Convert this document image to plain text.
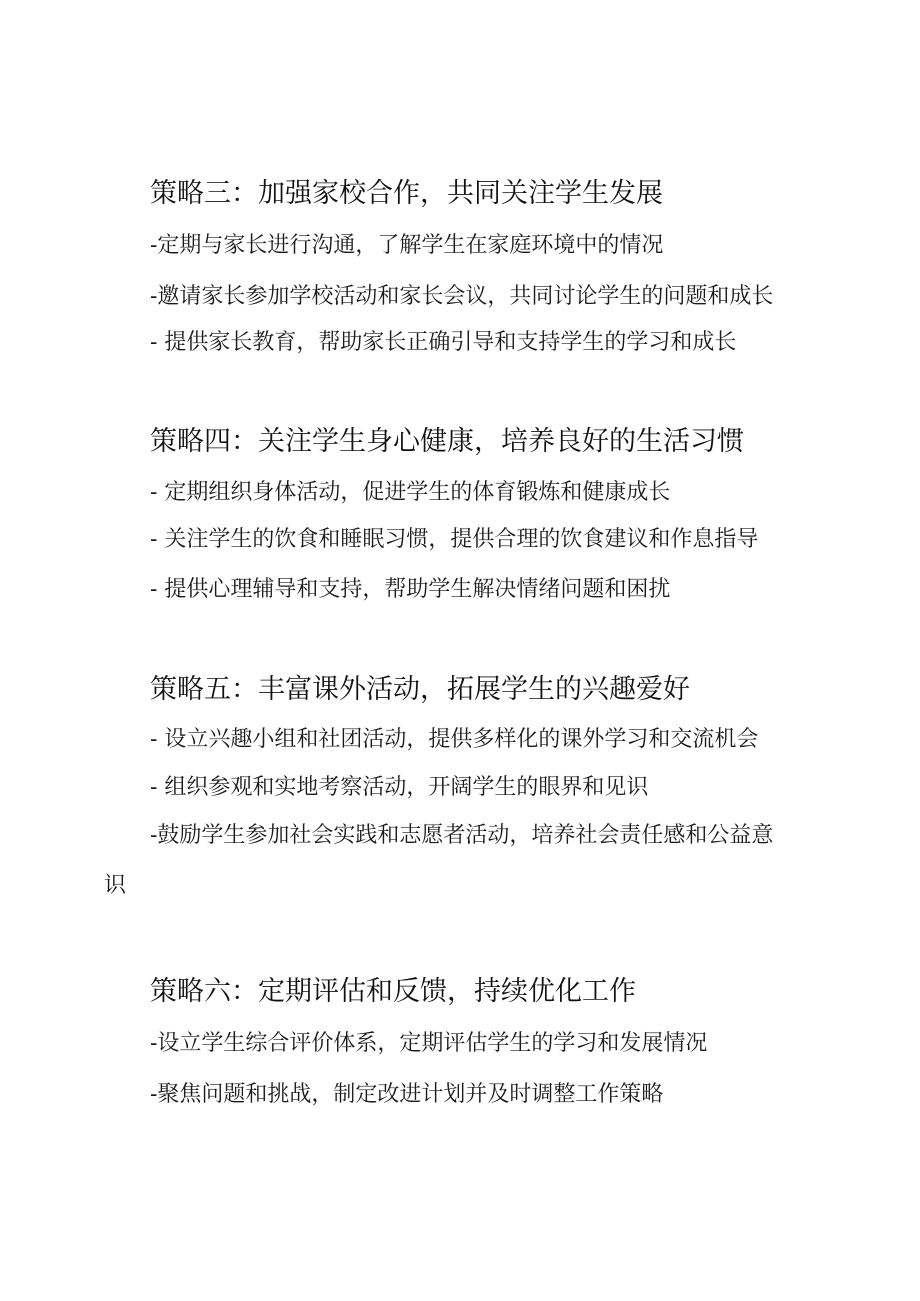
策略三：加强家校合作，共同关注学生发展
-定期与家长进行沟通，了解学生在家庭环境中的情况
-邀请家长参加学校活动和家长会议，共同讨论学生的问题和成长
- 提供家长教育，帮助家长正确引导和支持学生的学习和成长
策略四：关注学生身心健康，培养良好的生活习惯
- 定期组织身体活动，促进学生的体育锻炼和健康成长
- 关注学生的饮食和睡眠习惯，提供合理的饮食建议和作息指导
- 提供心理辅导和支持，帮助学生解决情绪问题和困扰
策略五：丰富课外活动，拓展学生的兴趣爱好
- 设立兴趣小组和社团活动，提供多样化的课外学习和交流机会
- 组织参观和实地考察活动，开阔学生的眼界和见识
-鼓励学生参加社会实践和志愿者活动，培养社会责任感和公益意
识
策略六：定期评估和反馈，持续优化工作
-设立学生综合评价体系，定期评估学生的学习和发展情况
-聚焦问题和挑战，制定改进计划并及时调整工作策略
